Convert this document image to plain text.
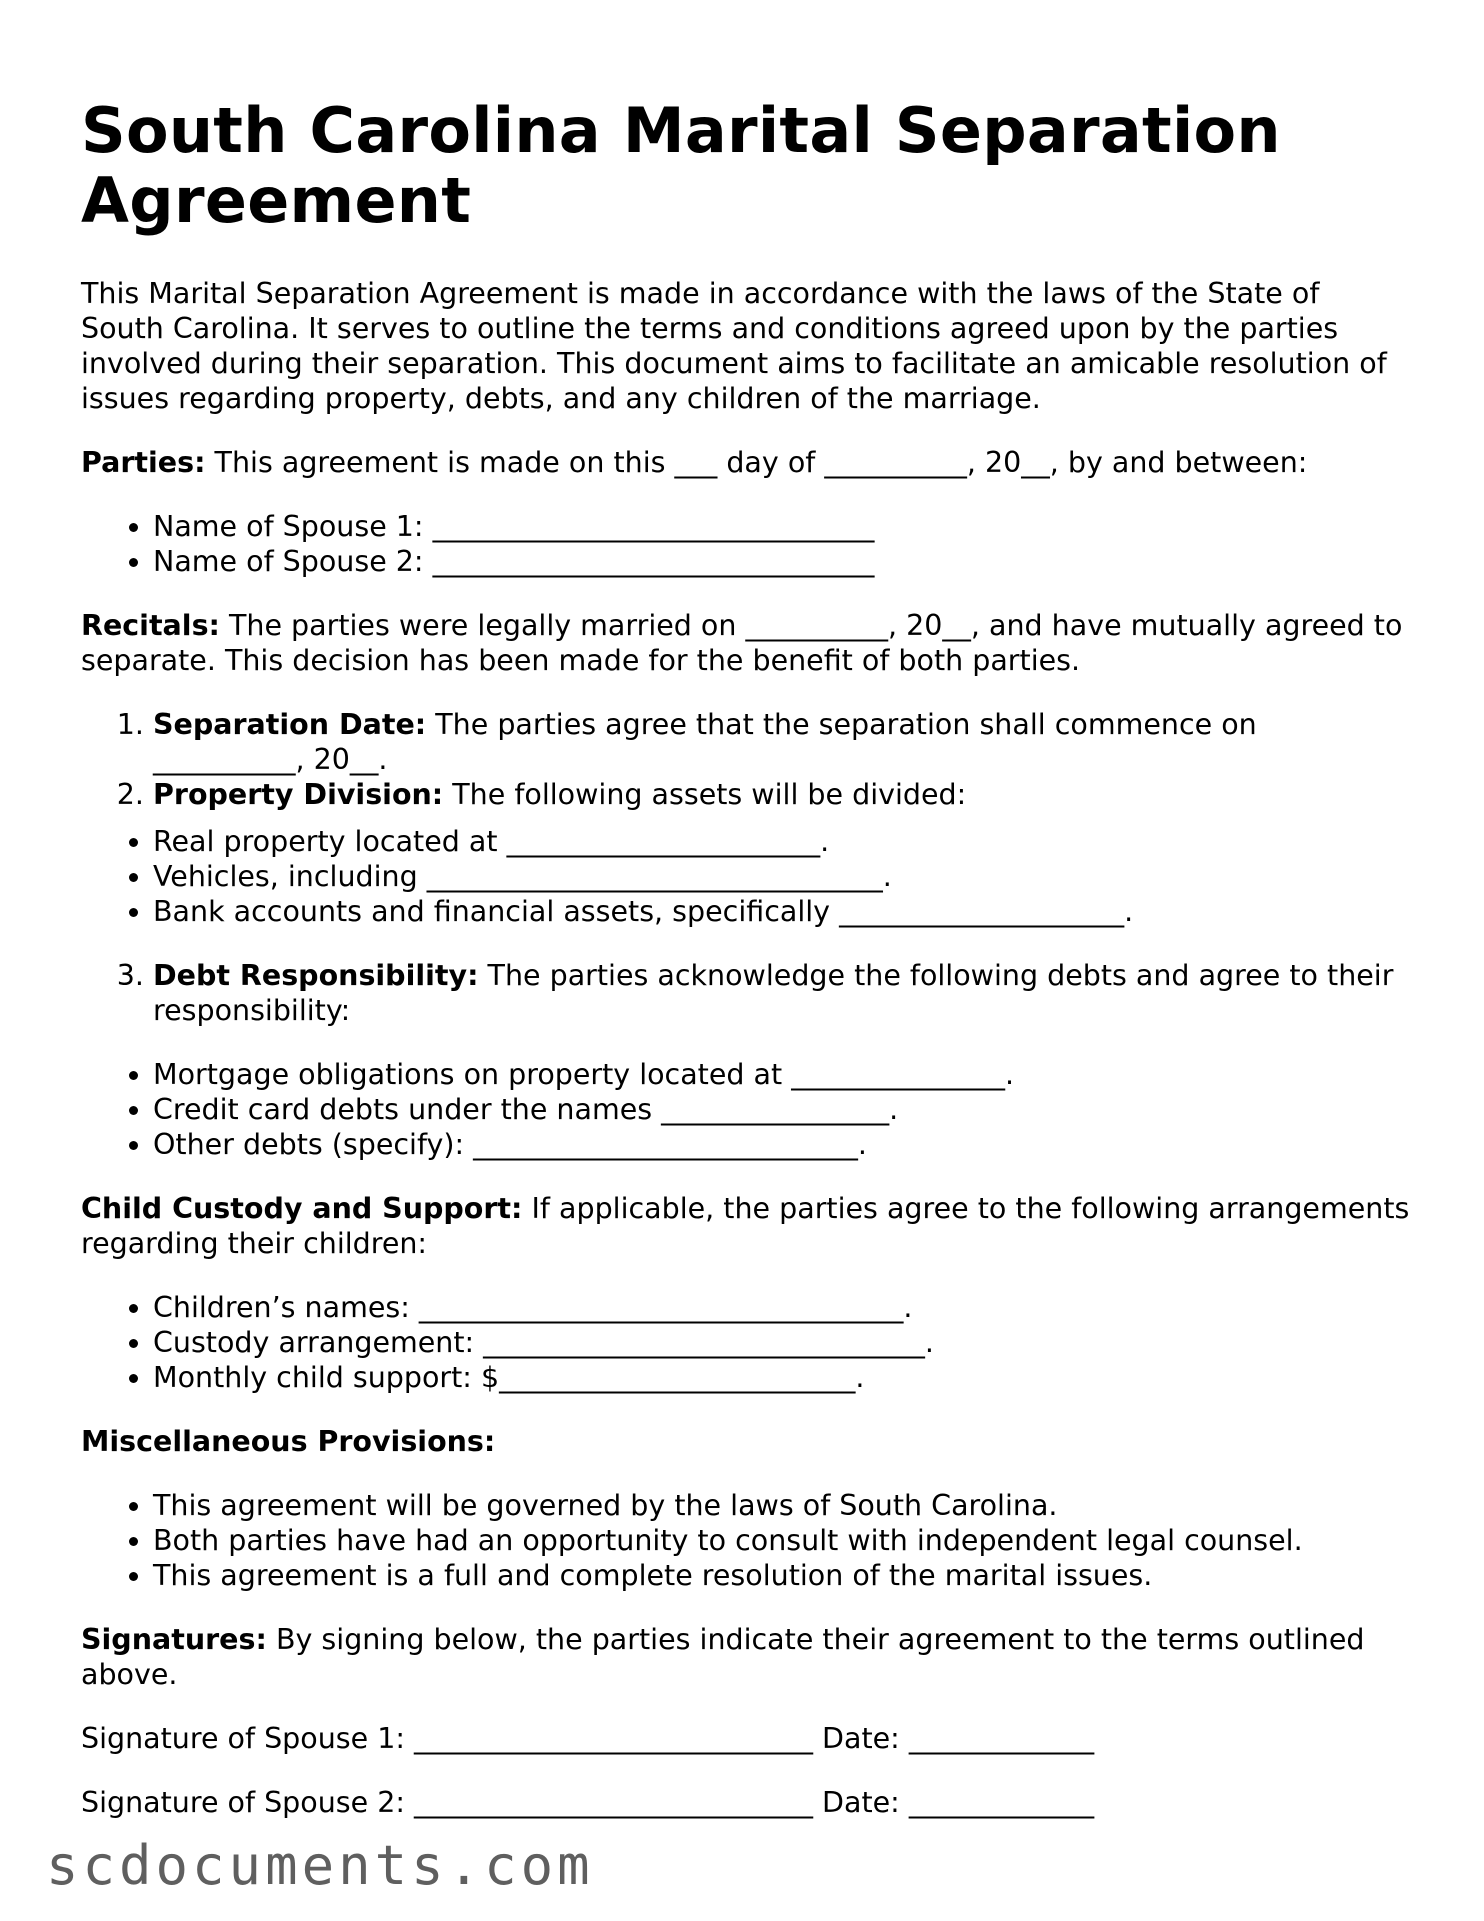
South Carolina Marital Separation Agreement

This Marital Separation Agreement is made in accordance with the laws of the State of South Carolina. It serves to outline the terms and conditions agreed upon by the parties involved during their separation. This document aims to facilitate an amicable resolution of issues regarding property, debts, and any children of the marriage.

Parties: This agreement is made on this ___ day of __________, 20__, by and between:

• Name of Spouse 1: _______________________________
• Name of Spouse 2: _______________________________

Recitals: The parties were legally married on __________, 20__, and have mutually agreed to separate. This decision has been made for the benefit of both parties.

1. Separation Date: The parties agree that the separation shall commence on __________, 20__.
2. Property Division: The following assets will be divided:
• Real property located at ______________________.
• Vehicles, including ________________________________.
• Bank accounts and financial assets, specifically ____________________.
3. Debt Responsibility: The parties acknowledge the following debts and agree to their responsibility:
• Mortgage obligations on property located at _______________.
• Credit card debts under the names ________________.
• Other debts (specify): ___________________________.

Child Custody and Support: If applicable, the parties agree to the following arrangements regarding their children:

• Children’s names: __________________________________.
• Custody arrangement: _______________________________.
• Monthly child support: $_________________________.

Miscellaneous Provisions:

• This agreement will be governed by the laws of South Carolina.
• Both parties have had an opportunity to consult with independent legal counsel.
• This agreement is a full and complete resolution of the marital issues.

Signatures: By signing below, the parties indicate their agreement to the terms outlined above.

Signature of Spouse 1: ____________________________ Date: _____________

Signature of Spouse 2: ____________________________ Date: _____________

scdocuments.com
